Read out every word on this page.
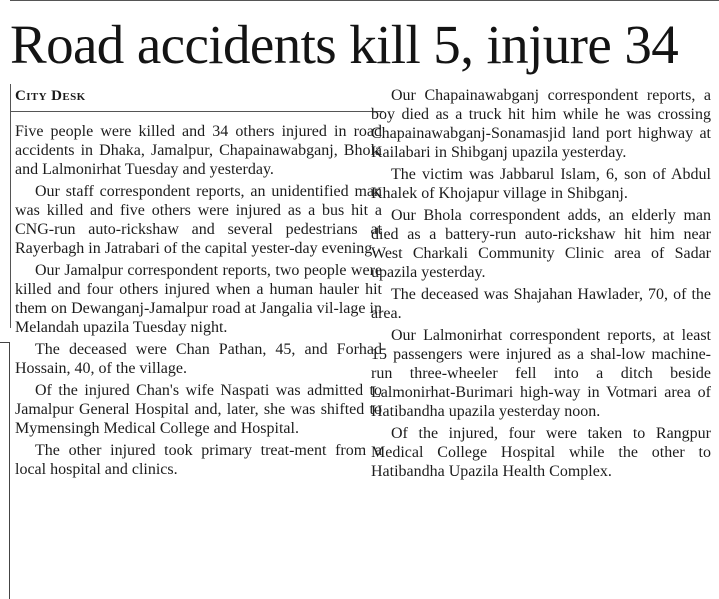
Road accidents kill 5, injure 34
City Desk

Five people were killed and 34 others injured in road accidents in Dhaka, Jamalpur, Chapainawabganj, Bhola and Lalmonirhat Tuesday and yesterday.

Our staff correspondent reports, an unidentified man was killed and five others were injured as a bus hit a CNG-run auto-rickshaw and several pedestrians at Rayerbagh in Jatrabari of the capital yester-day evening.

Our Jamalpur correspondent reports, two people were killed and four others injured when a human hauler hit them on Dewanganj-Jamalpur road at Jangalia vil-lage in Melandah upazila Tuesday night.

The deceased were Chan Pathan, 45, and Forhad Hossain, 40, of the village.

Of the injured Chan's wife Naspati was admitted to Jamalpur General Hospital and, later, she was shifted to Mymensingh Medical College and Hospital.

The other injured took primary treat-ment from a local hospital and clinics.

Our Chapainawabganj correspondent reports, a boy died as a truck hit him while he was crossing Chapainawabganj-Sonamasjid land port highway at Kailabari in Shibganj upazila yesterday.

The victim was Jabbarul Islam, 6, son of Abdul Khalek of Khojapur village in Shibganj.

Our Bhola correspondent adds, an elderly man died as a battery-run auto-rickshaw hit him near West Charkali Community Clinic area of Sadar upazila yesterday.

The deceased was Shajahan Hawlader, 70, of the area.

Our Lalmonirhat correspondent reports, at least 15 passengers were injured as a shal-low machine-run three-wheeler fell into a ditch beside Lalmonirhat-Burimari high-way in Votmari area of Hatibandha upazila yesterday noon.

Of the injured, four were taken to Rangpur Medical College Hospital while the other to Hatibandha Upazila Health Complex.
